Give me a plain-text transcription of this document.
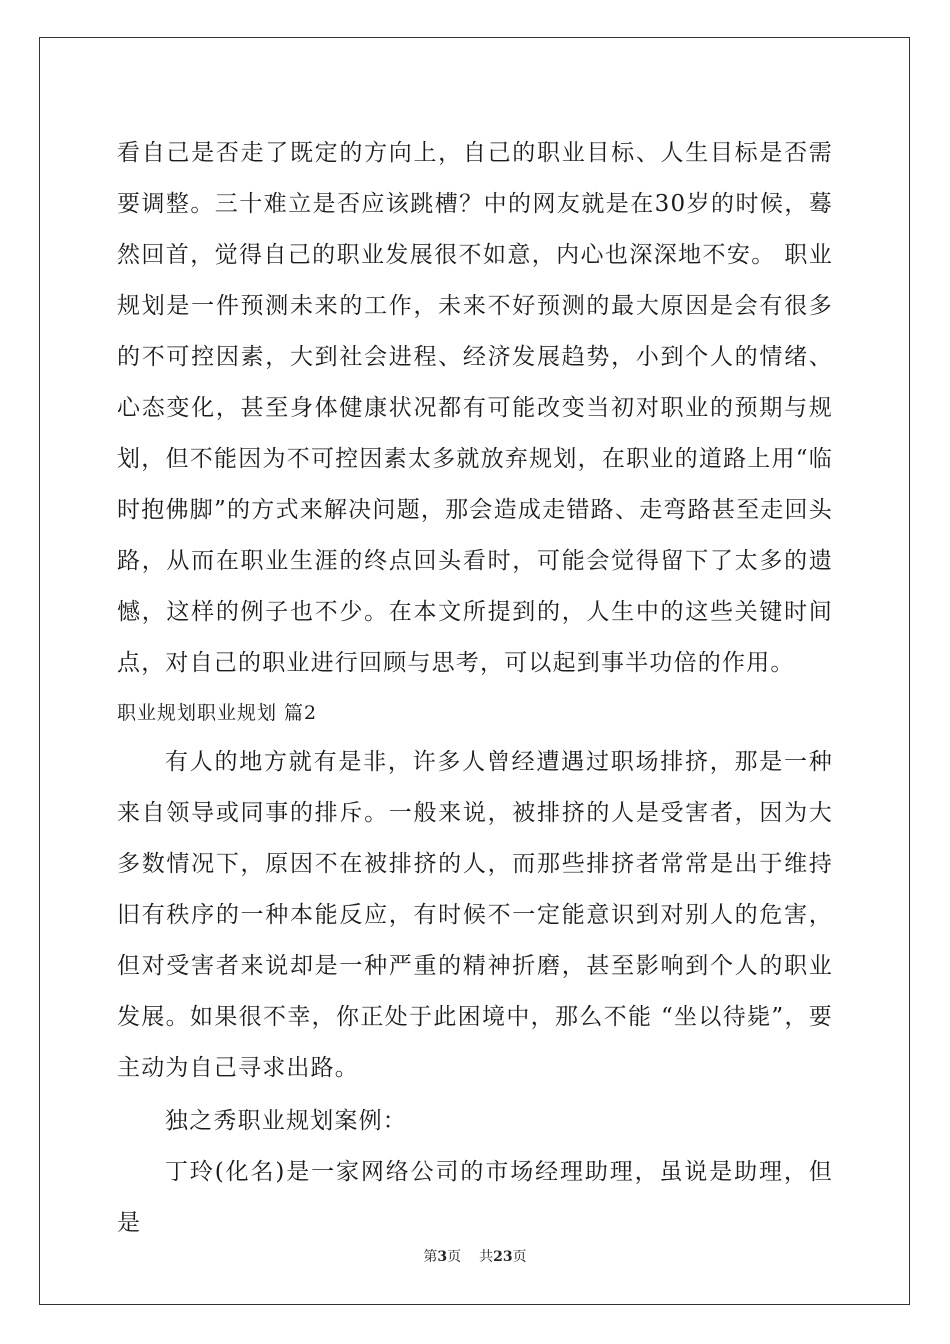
看自己是否走了既定的方向上，自己的职业目标、人生目标是否需要调整。三十难立是否应该跳槽？中的网友就是在30岁的时候，蓦然回首，觉得自己的职业发展很不如意，内心也深深地不安。 职业规划是一件预测未来的工作，未来不好预测的最大原因是会有很多的不可控因素，大到社会进程、经济发展趋势，小到个人的情绪、心态变化，甚至身体健康状况都有可能改变当初对职业的预期与规划，但不能因为不可控因素太多就放弃规划，在职业的道路上用“临时抱佛脚”的方式来解决问题，那会造成走错路、走弯路甚至走回头路，从而在职业生涯的终点回头看时，可能会觉得留下了太多的遗憾，这样的例子也不少。在本文所提到的，人生中的这些关键时间点，对自己的职业进行回顾与思考，可以起到事半功倍的作用。

职业规划职业规划 篇2

有人的地方就有是非，许多人曾经遭遇过职场排挤，那是一种来自领导或同事的排斥。一般来说，被排挤的人是受害者，因为大多数情况下，原因不在被排挤的人，而那些排挤者常常是出于维持旧有秩序的一种本能反应，有时候不一定能意识到对别人的危害，但对受害者来说却是一种严重的精神折磨，甚至影响到个人的职业发展。如果很不幸，你正处于此困境中，那么不能 “坐以待毙”，要主动为自己寻求出路。

独之秀职业规划案例：

丁玲(化名)是一家网络公司的市场经理助理，虽说是助理，但是

第3页 共23页
